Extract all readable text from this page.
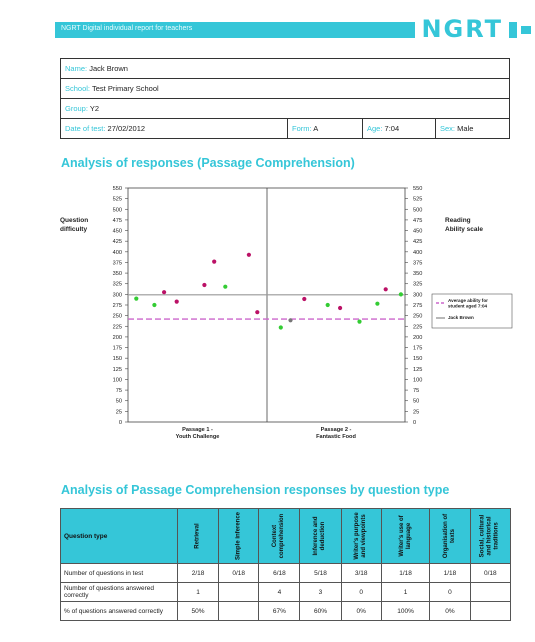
NGRT Digital individual report for teachers	NGRT
Name: Jack Brown
School: Test Primary School
Group: Y2
Date of test: 27/02/2012	Form: A	Age: 7:04	Sex: Male
Analysis of responses (Passage Comprehension)
Question difficulty
Reading Ability scale
0	0
25	25
50	50
75	75
100	100
125	125
150	150
175	175
200	200
225	225
250	250
275	275
300	300
325	325
350	350
375	375
400	400
425	425
450	450
475	475
500	500
525	525
550	550
Passage 1 -Youth Challenge
Passage 2 -Fantastic Food
Average ability for student aged 7:04
Jack Brown
Analysis of Passage Comprehension responses by question type
Question type	Retrieval	Simple inference	Context comprehension	Inference and deduction	Writer's purpose and viewpoints	Writer's use of language	Organisation of texts	Social, cultural and historical traditions

Number of questions in test	2/18	0/18	6/18	5/18	3/18	1/18	1/18	0/18
Number of questions answered correctly	1		4	3	0	1	0	
% of questions answered correctly	50%		67%	60%	0%	100%	0%	
